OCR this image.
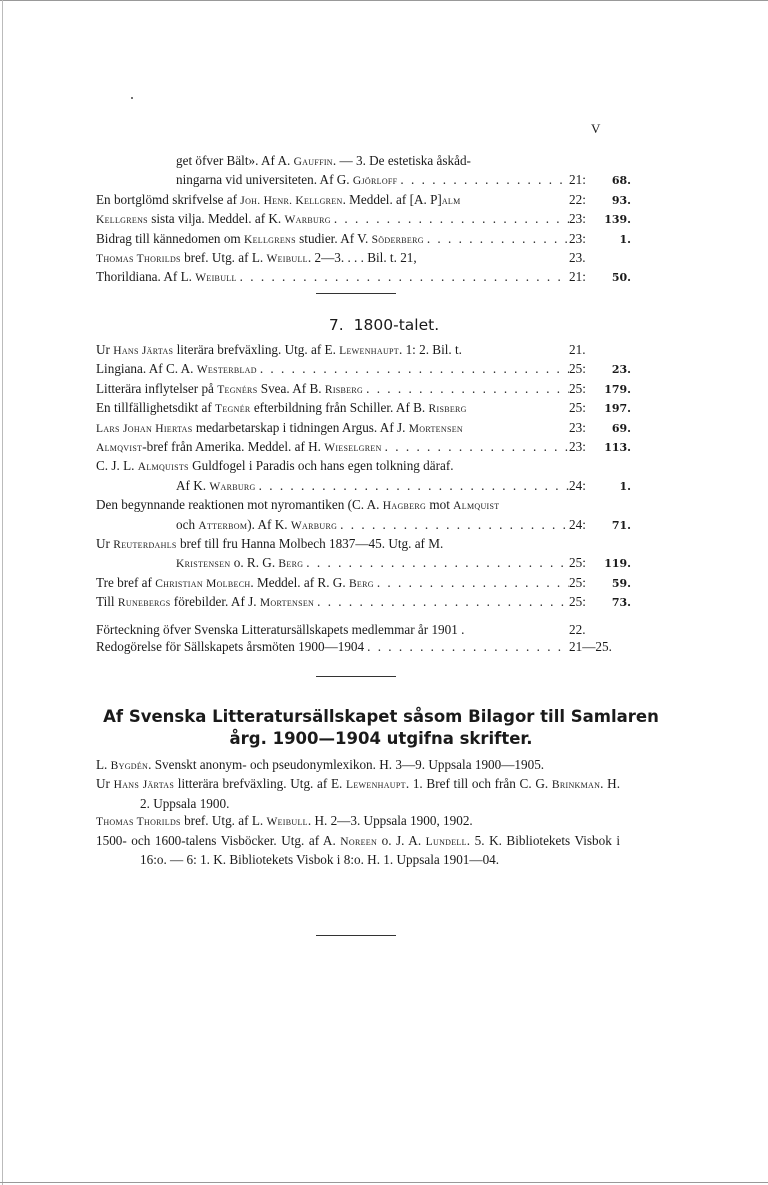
V
get öfver Bält». Af A. Gauffin. — 3. De estetiska åskåd-
ningarna vid universiteten. Af G. Gjörloff . . .	21:	68.
En bortglömd skrifvelse af Joh. Henr. Kellgren. Meddel. af [A. P]alm	22:	93.
Kellgrens sista vilja. Meddel. af K. Warburg . . .	23:	139.
Bidrag till kännedomen om Kellgrens studier. Af V. Söderberg . . .	23:	1.
Thomas Thorilds bref. Utg. af L. Weibull. 2—3. . . . Bil. t. 21,	23.
Thorildiana. Af L. Weibull . . .	21:	50.
7. 1800-talet.
Ur Hans Järtas literära brefväxling. Utg. af E. Lewenhaupt. 1: 2. Bil. t.	21.
Lingiana. Af C. A. Westerblad . . .	25:	23.
Litterära inflytelser på Tegnérs Svea. Af B. Risberg . . .	25:	179.
En tillfällighetsdikt af Tegnér efterbildning från Schiller. Af B. Risberg	25:	197.
Lars Johan Hiertas medarbetarskap i tidningen Argus. Af J. Mortensen	23:	69.
Almqvist-bref från Amerika. Meddel. af H. Wieselgren . . .	23:	113.
C. J. L. Almquists Guldfogel i Paradis och hans egen tolkning däraf.
Af K. Warburg . . .	24:	1.
Den begynnande reaktionen mot nyromantiken (C. A. Hagberg mot Almquist
och Atterbom). Af K. Warburg . . .	24:	71.
Ur Reuterdahls bref till fru Hanna Molbech 1837—45. Utg. af M.
Kristensen o. R. G. Berg . . .	25:	119.
Tre bref af Christian Molbech. Meddel. af R. G. Berg . . .	25:	59.
Till Runebergs förebilder. Af J. Mortensen . . .	25:	73.
Förteckning öfver Svenska Litteratursällskapets medlemmar år 1901 .	22.
Redogörelse för Sällskapets årsmöten 1900—1904 . . .	21—25.
Af Svenska Litteratursällskapet såsom Bilagor till Samlaren
årg. 1900—1904 utgifna skrifter.
L. Bygdén. Svenskt anonym- och pseudonymlexikon. H. 3—9. Uppsala 1900—1905.
Ur Hans Järtas litterära brefväxling. Utg. af E. Lewenhaupt. 1. Bref till och från C. G. Brinkman. H. 2. Uppsala 1900.
Thomas Thorilds bref. Utg. af L. Weibull. H. 2—3. Uppsala 1900, 1902.
1500- och 1600-talens Visböcker. Utg. af A. Noreen o. J. A. Lundell. 5. K. Bibliotekets Visbok i 16:o. — 6: 1. K. Bibliotekets Visbok i 8:o. H. 1. Uppsala 1901—04.
